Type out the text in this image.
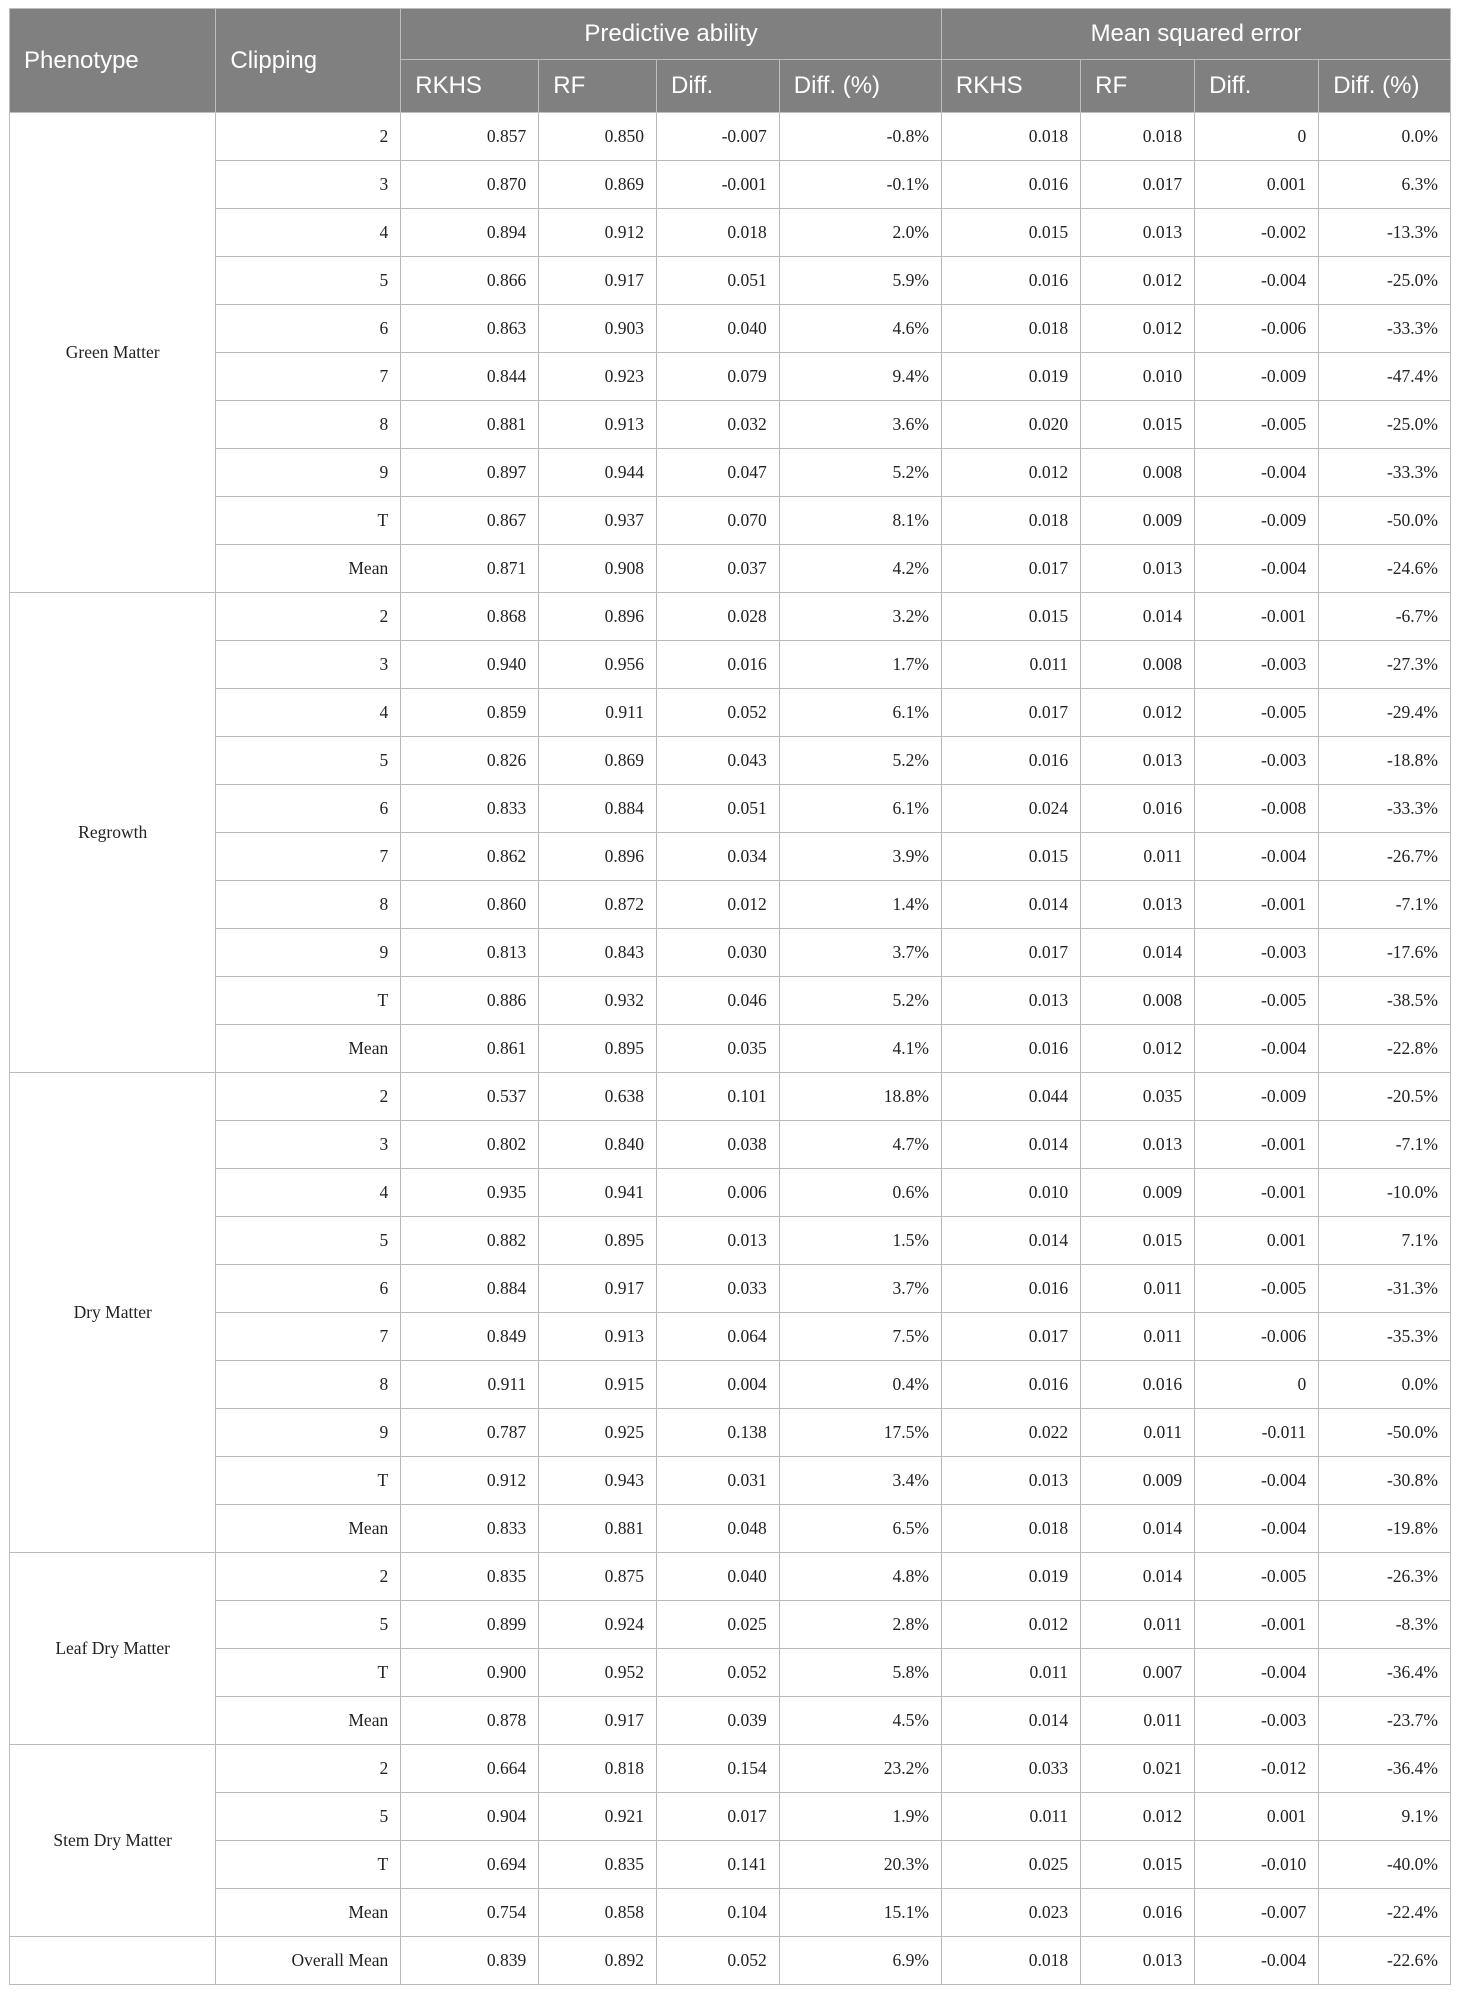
Phenotype	Clipping	Predictive ability				Mean squared error			
		RKHS	RF	Diff.	Diff. (%)	RKHS	RF	Diff.	Diff. (%)
Green Matter	2	0.857	0.850	-0.007	-0.8%	0.018	0.018	0	0.0%
	3	0.870	0.869	-0.001	-0.1%	0.016	0.017	0.001	6.3%
	4	0.894	0.912	0.018	2.0%	0.015	0.013	-0.002	-13.3%
	5	0.866	0.917	0.051	5.9%	0.016	0.012	-0.004	-25.0%
	6	0.863	0.903	0.040	4.6%	0.018	0.012	-0.006	-33.3%
	7	0.844	0.923	0.079	9.4%	0.019	0.010	-0.009	-47.4%
	8	0.881	0.913	0.032	3.6%	0.020	0.015	-0.005	-25.0%
	9	0.897	0.944	0.047	5.2%	0.012	0.008	-0.004	-33.3%
	T	0.867	0.937	0.070	8.1%	0.018	0.009	-0.009	-50.0%
	Mean	0.871	0.908	0.037	4.2%	0.017	0.013	-0.004	-24.6%
Regrowth	2	0.868	0.896	0.028	3.2%	0.015	0.014	-0.001	-6.7%
	3	0.940	0.956	0.016	1.7%	0.011	0.008	-0.003	-27.3%
	4	0.859	0.911	0.052	6.1%	0.017	0.012	-0.005	-29.4%
	5	0.826	0.869	0.043	5.2%	0.016	0.013	-0.003	-18.8%
	6	0.833	0.884	0.051	6.1%	0.024	0.016	-0.008	-33.3%
	7	0.862	0.896	0.034	3.9%	0.015	0.011	-0.004	-26.7%
	8	0.860	0.872	0.012	1.4%	0.014	0.013	-0.001	-7.1%
	9	0.813	0.843	0.030	3.7%	0.017	0.014	-0.003	-17.6%
	T	0.886	0.932	0.046	5.2%	0.013	0.008	-0.005	-38.5%
	Mean	0.861	0.895	0.035	4.1%	0.016	0.012	-0.004	-22.8%
Dry Matter	2	0.537	0.638	0.101	18.8%	0.044	0.035	-0.009	-20.5%
	3	0.802	0.840	0.038	4.7%	0.014	0.013	-0.001	-7.1%
	4	0.935	0.941	0.006	0.6%	0.010	0.009	-0.001	-10.0%
	5	0.882	0.895	0.013	1.5%	0.014	0.015	0.001	7.1%
	6	0.884	0.917	0.033	3.7%	0.016	0.011	-0.005	-31.3%
	7	0.849	0.913	0.064	7.5%	0.017	0.011	-0.006	-35.3%
	8	0.911	0.915	0.004	0.4%	0.016	0.016	0	0.0%
	9	0.787	0.925	0.138	17.5%	0.022	0.011	-0.011	-50.0%
	T	0.912	0.943	0.031	3.4%	0.013	0.009	-0.004	-30.8%
	Mean	0.833	0.881	0.048	6.5%	0.018	0.014	-0.004	-19.8%
Leaf Dry Matter	2	0.835	0.875	0.040	4.8%	0.019	0.014	-0.005	-26.3%
	5	0.899	0.924	0.025	2.8%	0.012	0.011	-0.001	-8.3%
	T	0.900	0.952	0.052	5.8%	0.011	0.007	-0.004	-36.4%
	Mean	0.878	0.917	0.039	4.5%	0.014	0.011	-0.003	-23.7%
Stem Dry Matter	2	0.664	0.818	0.154	23.2%	0.033	0.021	-0.012	-36.4%
	5	0.904	0.921	0.017	1.9%	0.011	0.012	0.001	9.1%
	T	0.694	0.835	0.141	20.3%	0.025	0.015	-0.010	-40.0%
	Mean	0.754	0.858	0.104	15.1%	0.023	0.016	-0.007	-22.4%
	Overall Mean	0.839	0.892	0.052	6.9%	0.018	0.013	-0.004	-22.6%
